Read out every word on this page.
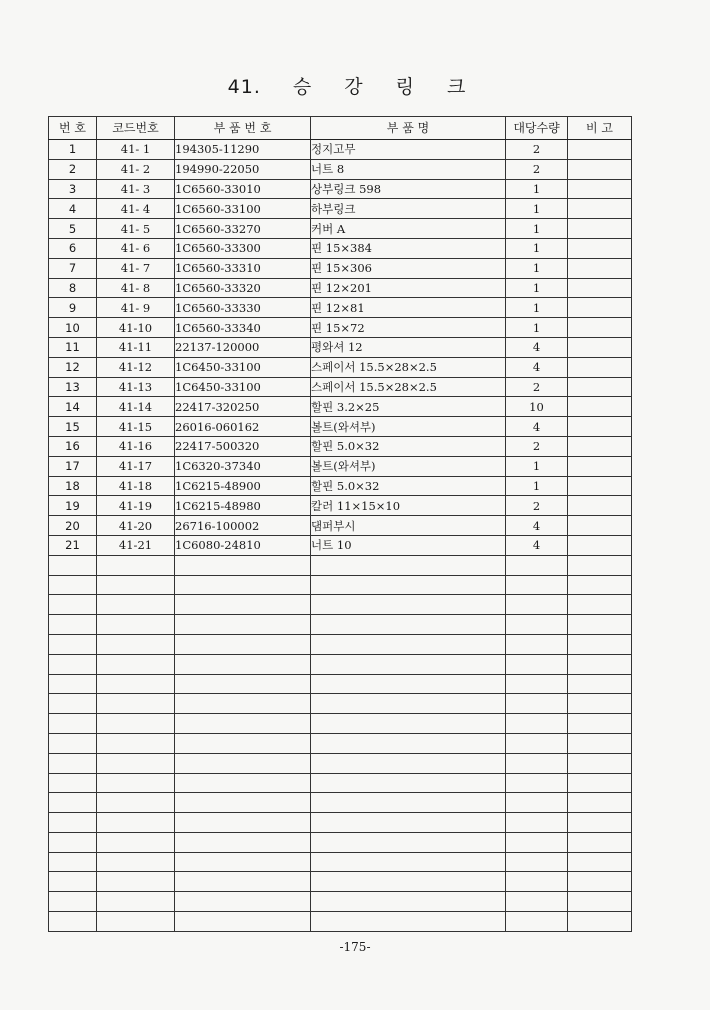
41. 승 강 링 크
번 호	코드번호	부 품 번 호	부 품 명	대당수량	비 고
1	41- 1	194305-11290	정지고무	2	
2	41- 2	194990-22050	너트 8	2	
3	41- 3	1C6560-33010	상부링크 598	1	
4	41- 4	1C6560-33100	하부링크	1	
5	41- 5	1C6560-33270	커버 A	1	
6	41- 6	1C6560-33300	핀 15×384	1	
7	41- 7	1C6560-33310	핀 15×306	1	
8	41- 8	1C6560-33320	핀 12×201	1	
9	41- 9	1C6560-33330	핀 12×81	1	
10	41-10	1C6560-33340	핀 15×72	1	
11	41-11	22137-120000	평와셔 12	4	
12	41-12	1C6450-33100	스페이서 15.5×28×2.5	4	
13	41-13	1C6450-33100	스페이서 15.5×28×2.5	2	
14	41-14	22417-320250	할핀 3.2×25	10	
15	41-15	26016-060162	볼트(와셔부)	4	
16	41-16	22417-500320	할핀 5.0×32	2	
17	41-17	1C6320-37340	볼트(와셔부)	1	
18	41-18	1C6215-48900	할핀 5.0×32	1	
19	41-19	1C6215-48980	칼러 11×15×10	2	
20	41-20	26716-100002	댐퍼부시	4	
21	41-21	1C6080-24810	너트 10	4	

-175-
